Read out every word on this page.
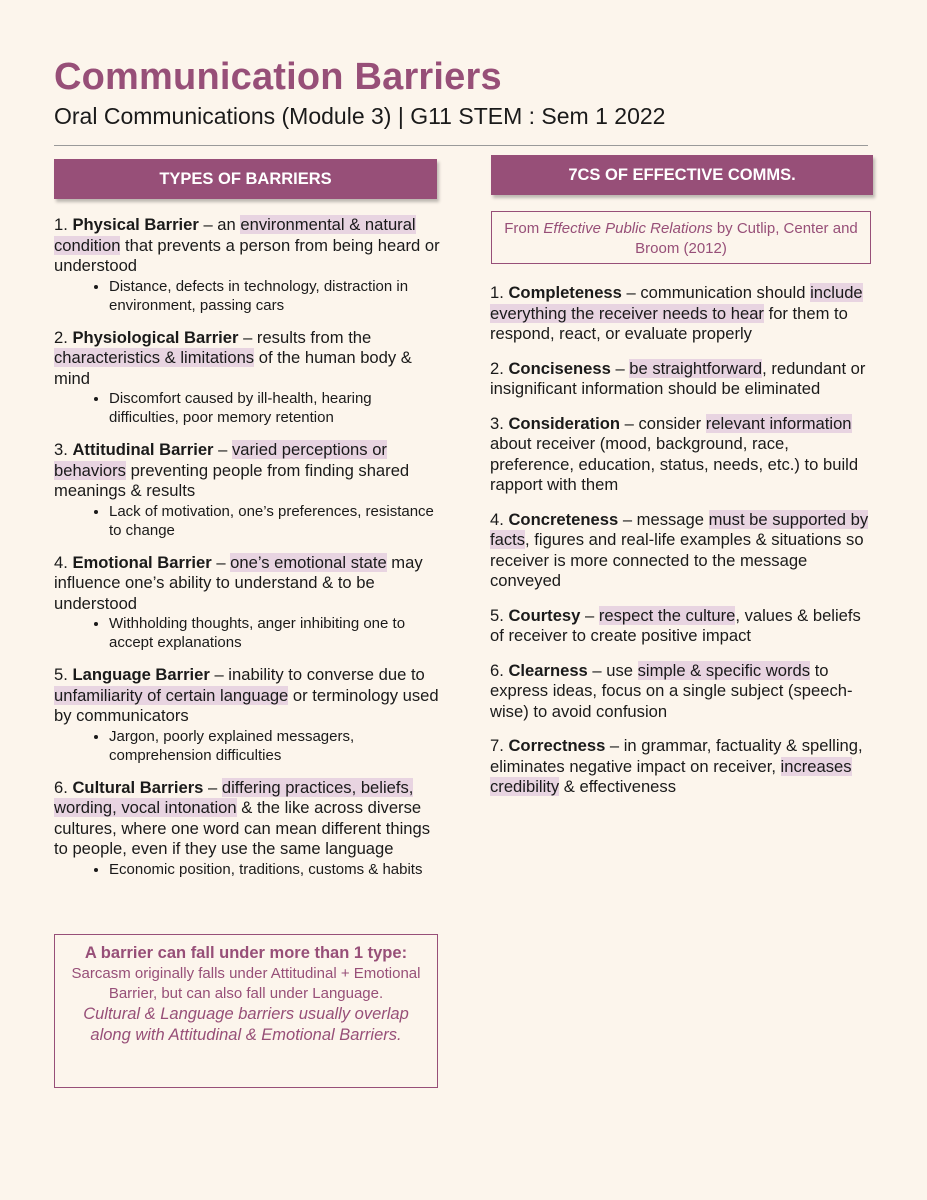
Communication Barriers

Oral Communications (Module 3) | G11 STEM : Sem 1 2022

TYPES OF BARRIERS

1. Physical Barrier – an environmental & natural condition that prevents a person from being heard or understood

• Distance, defects in technology, distraction in environment, passing cars

2. Physiological Barrier – results from the characteristics & limitations of the human body & mind

• Discomfort caused by ill-health, hearing difficulties, poor memory retention

3. Attitudinal Barrier – varied perceptions or behaviors preventing people from finding shared meanings & results

• Lack of motivation, one’s preferences, resistance to change

4. Emotional Barrier – one’s emotional state may influence one’s ability to understand & to be understood

• Withholding thoughts, anger inhibiting one to accept explanations

5. Language Barrier – inability to converse due to unfamiliarity of certain language or terminology used by communicators

• Jargon, poorly explained messagers, comprehension difficulties

6. Cultural Barriers – differing practices, beliefs, wording, vocal intonation & the like across diverse cultures, where one word can mean different things to people, even if they use the same language

• Economic position, traditions, customs & habits

A barrier can fall under more than 1 type:

Sarcasm originally falls under Attitudinal + Emotional Barrier, but can also fall under Language.

Cultural & Language barriers usually overlap along with Attitudinal & Emotional Barriers.

7CS OF EFFECTIVE COMMS.
From Effective Public Relations by Cutlip, Center and Broom (2012)

1. Completeness – communication should include everything the receiver needs to hear for them to respond, react, or evaluate properly

2. Conciseness – be straightforward, redundant or insignificant information should be eliminated

3. Consideration – consider relevant information about receiver (mood, background, race, preference, education, status, needs, etc.) to build rapport with them

4. Concreteness – message must be supported by facts, figures and real-life examples & situations so receiver is more connected to the message conveyed

5. Courtesy – respect the culture, values & beliefs of receiver to create positive impact

6. Clearness – use simple & specific words to express ideas, focus on a single subject (speech-wise) to avoid confusion

7. Correctness – in grammar, factuality & spelling, eliminates negative impact on receiver, increases credibility & effectiveness
